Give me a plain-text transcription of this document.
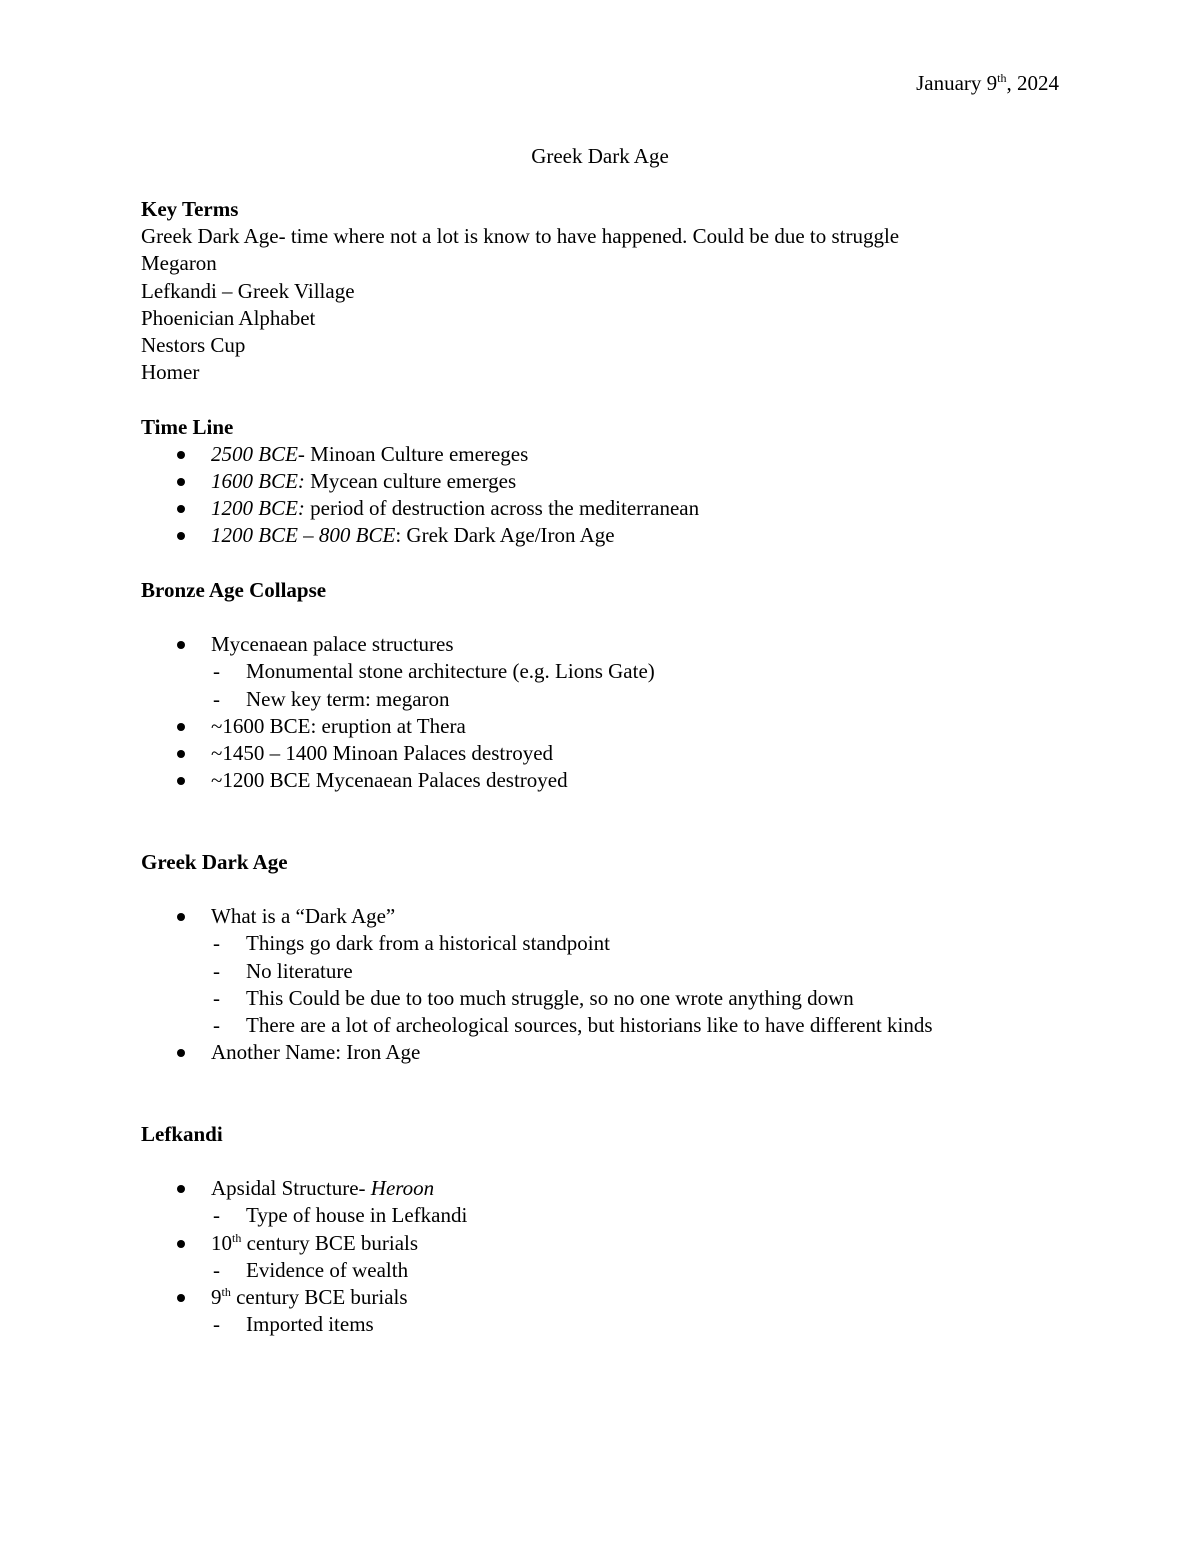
January 9th, 2024
Greek Dark Age
Key Terms
Greek Dark Age- time where not a lot is know to have happened. Could be due to struggle
Megaron
Lefkandi – Greek Village
Phoenician Alphabet
Nestors Cup
Homer
Time Line
2500 BCE- Minoan Culture emereges
1600 BCE: Mycean culture emerges
1200 BCE: period of destruction across the mediterranean
1200 BCE – 800 BCE: Grek Dark Age/Iron Age
Bronze Age Collapse
Mycenaean palace structures
- Monumental stone architecture (e.g. Lions Gate)
- New key term: megaron
~1600 BCE: eruption at Thera
~1450 – 1400 Minoan Palaces destroyed
~1200 BCE Mycenaean Palaces destroyed
Greek Dark Age
What is a “Dark Age”
- Things go dark from a historical standpoint
- No literature
- This Could be due to too much struggle, so no one wrote anything down
- There are a lot of archeological sources, but historians like to have different kinds
Another Name: Iron Age
Lefkandi
Apsidal Structure- Heroon
- Type of house in Lefkandi
10th century BCE burials
- Evidence of wealth
9th century BCE burials
- Imported items
